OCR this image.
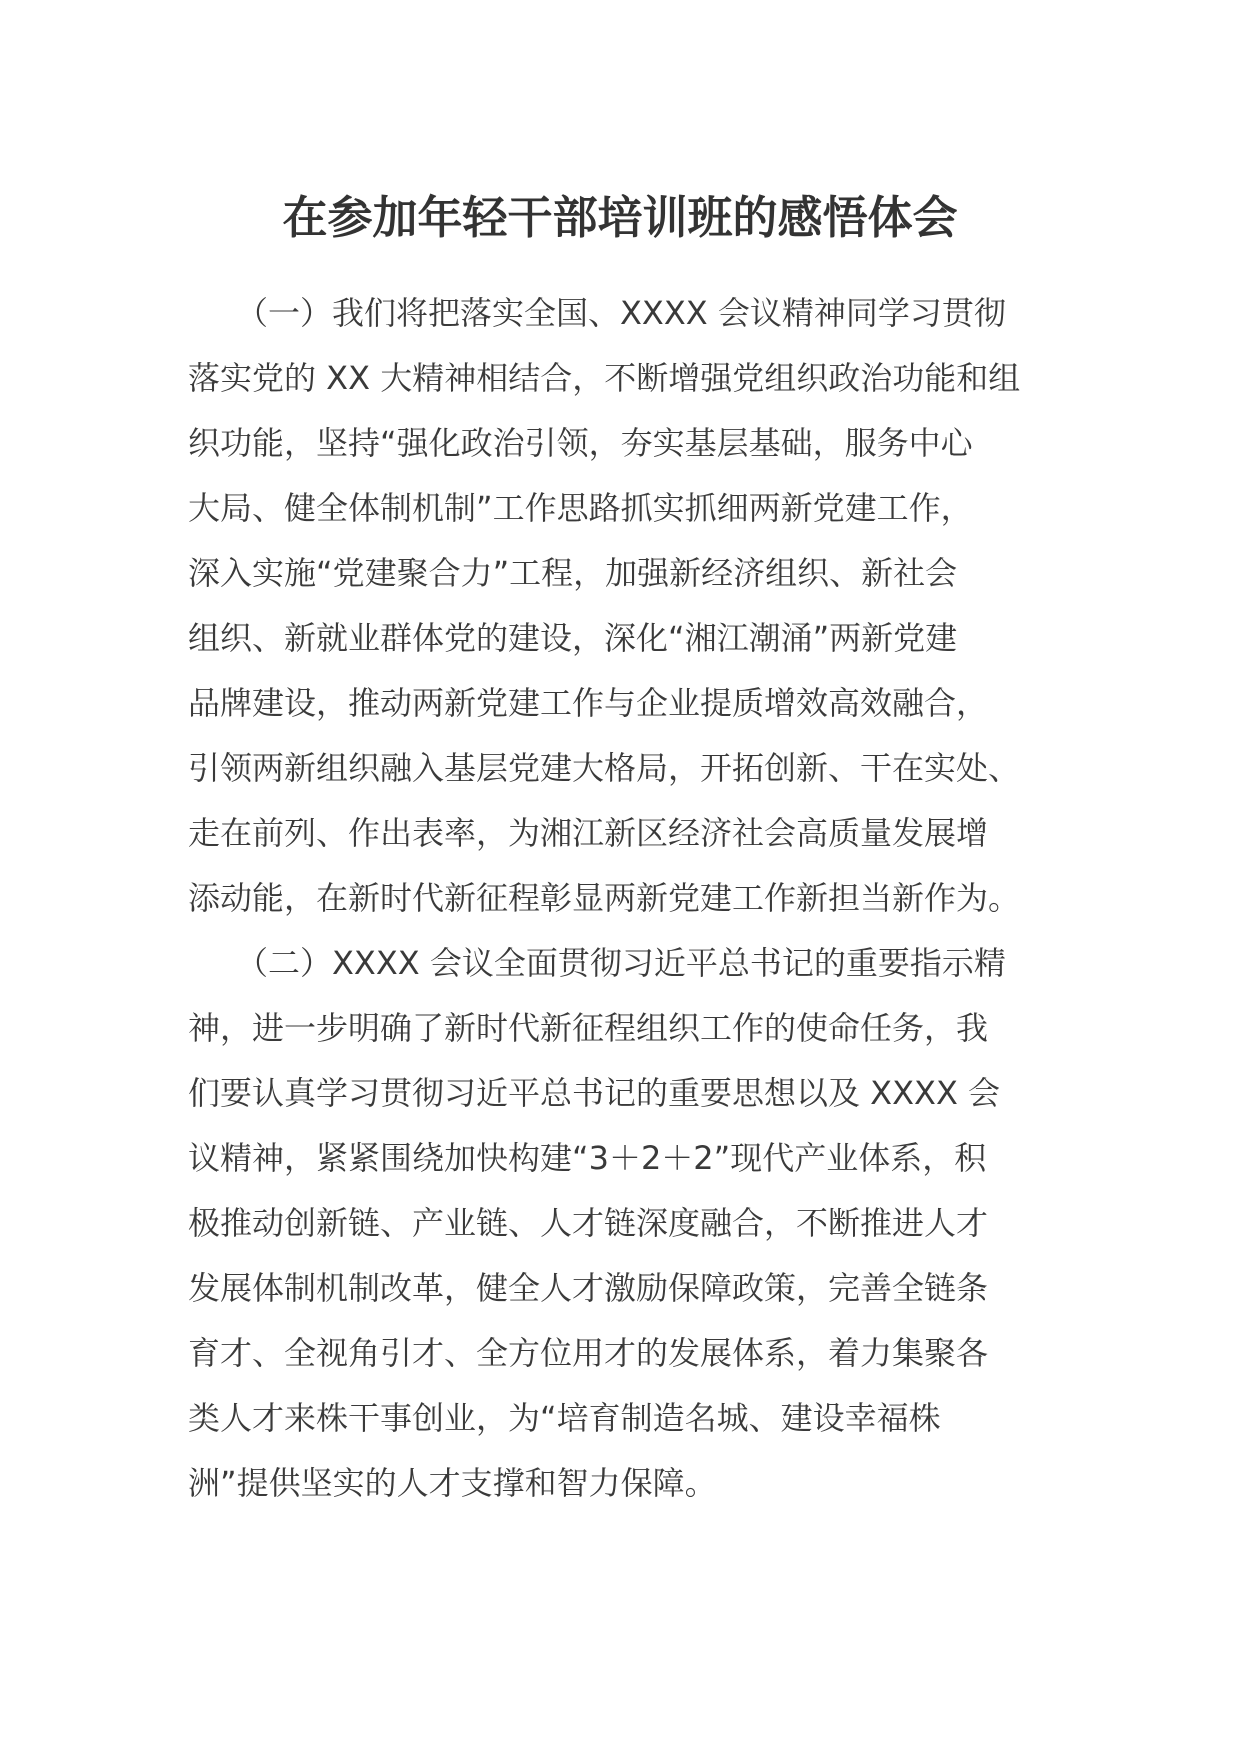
在参加年轻干部培训班的感悟体会

　　（一）我们将把落实全国、XXXX 会议精神同学习贯彻

落实党的 XX 大精神相结合，不断增强党组织政治功能和组

织功能，坚持“强化政治引领，夯实基层基础，服务中心

大局、健全体制机制”工作思路抓实抓细两新党建工作，

深入实施“党建聚合力”工程，加强新经济组织、新社会

组织、新就业群体党的建设，深化“湘江潮涌”两新党建

品牌建设，推动两新党建工作与企业提质增效高效融合，

引领两新组织融入基层党建大格局，开拓创新、干在实处、

走在前列、作出表率，为湘江新区经济社会高质量发展增

添动能，在新时代新征程彰显两新党建工作新担当新作为。

　　（二）XXXX 会议全面贯彻习近平总书记的重要指示精

神，进一步明确了新时代新征程组织工作的使命任务，我

们要认真学习贯彻习近平总书记的重要思想以及 XXXX 会

议精神，紧紧围绕加快构建“3＋2＋2”现代产业体系，积

极推动创新链、产业链、人才链深度融合，不断推进人才

发展体制机制改革，健全人才激励保障政策，完善全链条

育才、全视角引才、全方位用才的发展体系，着力集聚各

类人才来株干事创业，为“培育制造名城、建设幸福株

洲”提供坚实的人才支撑和智力保障。
